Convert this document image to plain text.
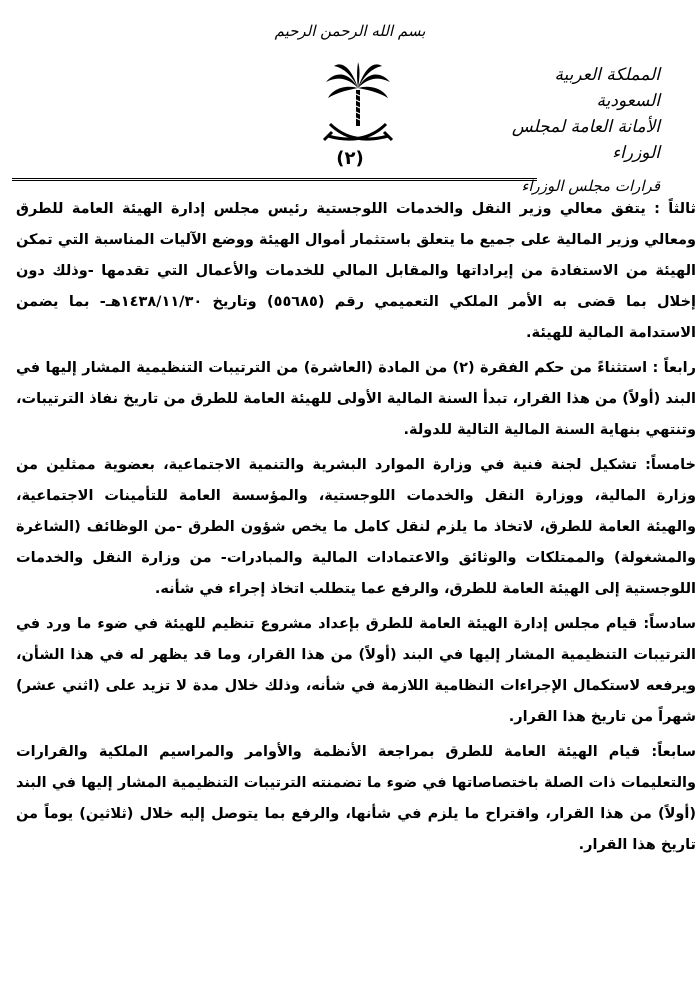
بسم الله الرحمن الرحيم
المملكة العربية السعودية
الأمانة العامة لمجلس الوزراء
قرارات مجلس الوزراء
(٢)

ثالثاً : يتفق معالي وزير النقل والخدمات اللوجستية رئيس مجلس إدارة الهيئة العامة للطرق ومعالي وزير المالية على جميع ما يتعلق باستثمار أموال الهيئة ووضع الآليات المناسبة التي تمكن الهيئة من الاستفادة من إيراداتها والمقابل المالي للخدمات والأعمال التي تقدمها -وذلك دون إخلال بما قضى به الأمر الملكي التعميمي رقم (٥٥٦٨٥) وتاريخ ١٤٣٨/١١/٣٠هـ- بما يضمن الاستدامة المالية للهيئة.

رابعاً : استثناءً من حكم الفقرة (٢) من المادة (العاشرة) من الترتيبات التنظيمية المشار إليها في البند (أولاً) من هذا القرار، تبدأ السنة المالية الأولى للهيئة العامة للطرق من تاريخ نفاذ الترتيبات، وتنتهي بنهاية السنة المالية التالية للدولة.

خامساً: تشكيل لجنة فنية في وزارة الموارد البشرية والتنمية الاجتماعية، بعضوية ممثلين من وزارة المالية، ووزارة النقل والخدمات اللوجستية، والمؤسسة العامة للتأمينات الاجتماعية، والهيئة العامة للطرق، لاتخاذ ما يلزم لنقل كامل ما يخص شؤون الطرق -من الوظائف (الشاغرة والمشغولة) والممتلكات والوثائق والاعتمادات المالية والمبادرات- من وزارة النقل والخدمات اللوجستية إلى الهيئة العامة للطرق، والرفع عما يتطلب اتخاذ إجراء في شأنه.

سادساً: قيام مجلس إدارة الهيئة العامة للطرق بإعداد مشروع تنظيم للهيئة في ضوء ما ورد في الترتيبات التنظيمية المشار إليها في البند (أولاً) من هذا القرار، وما قد يظهر له في هذا الشأن، ويرفعه لاستكمال الإجراءات النظامية اللازمة في شأنه، وذلك خلال مدة لا تزيد على (اثني عشر) شهراً من تاريخ هذا القرار.

سابعاً: قيام الهيئة العامة للطرق بمراجعة الأنظمة والأوامر والمراسيم الملكية والقرارات والتعليمات ذات الصلة باختصاصاتها في ضوء ما تضمنته الترتيبات التنظيمية المشار إليها في البند (أولاً) من هذا القرار، واقتراح ما يلزم في شأنها، والرفع بما يتوصل إليه خلال (ثلاثين) يوماً من تاريخ هذا القرار.
